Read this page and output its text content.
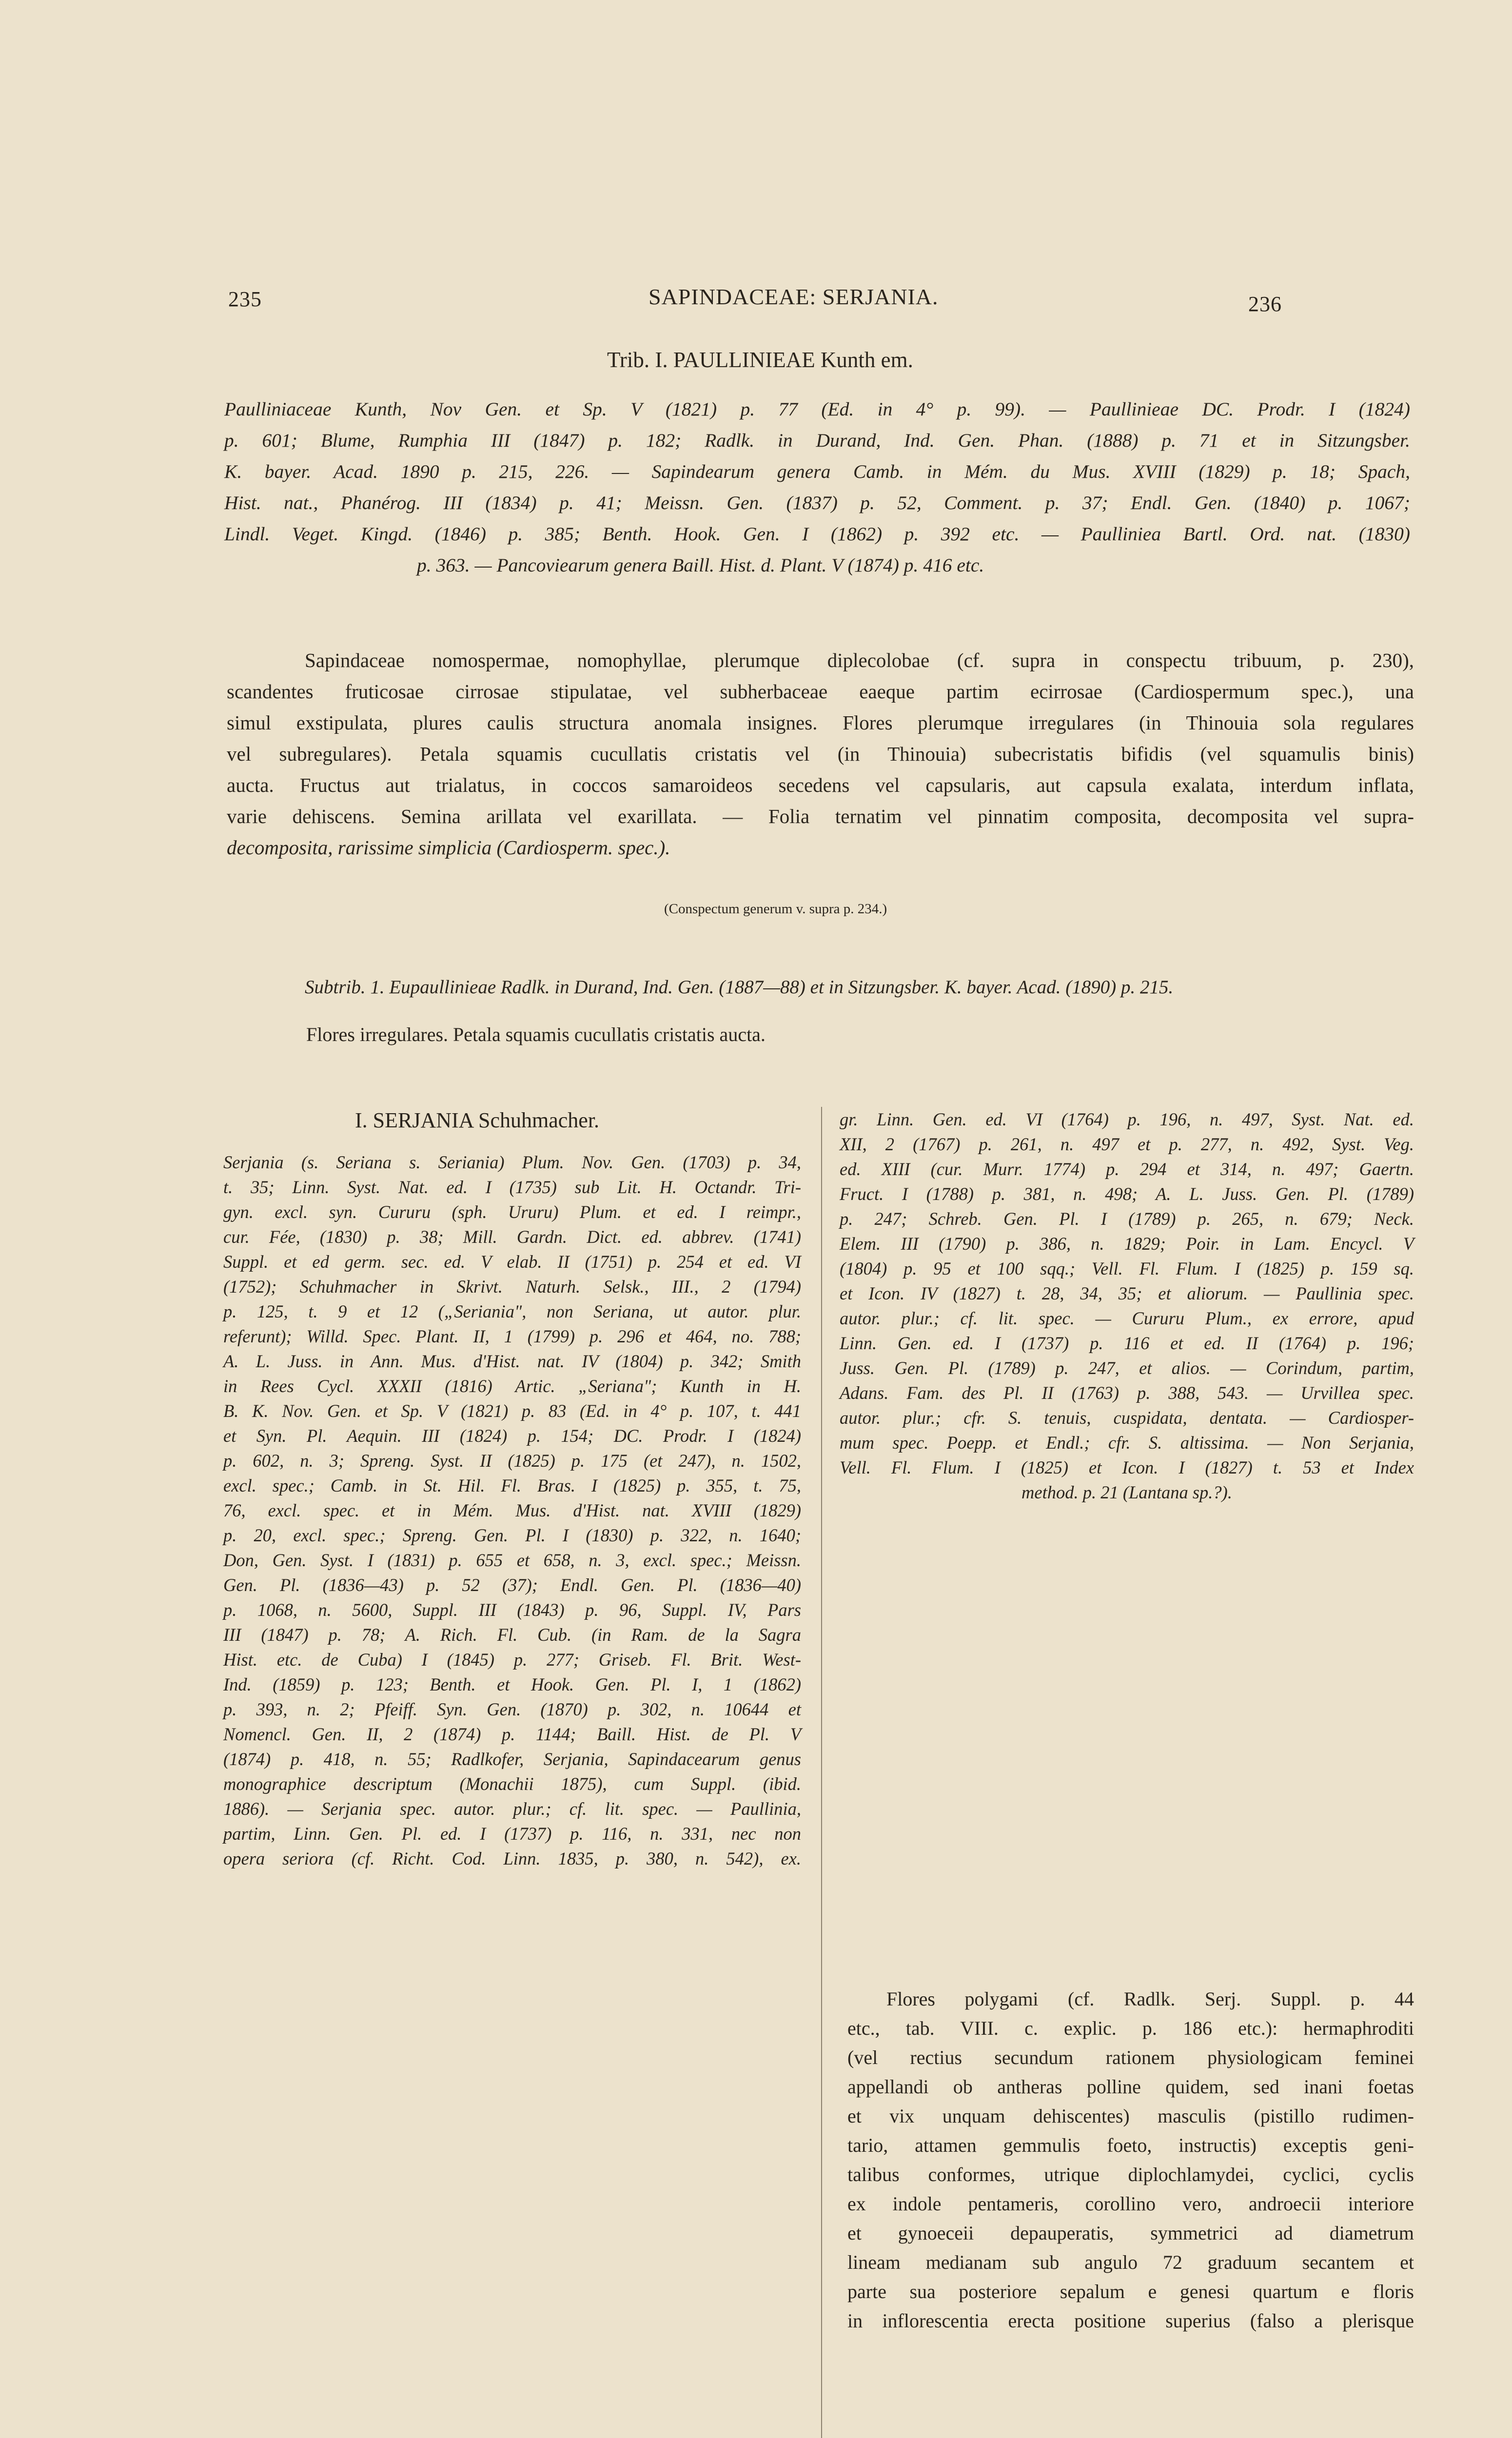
235	SAPINDACEAE: SERJANIA.	236
Trib. I. PAULLINIEAE Kunth em.
Paulliniaceae Kunth, Nov Gen. et Sp. V (1821) p. 77 (Ed. in 4° p. 99). — Paullinieae DC. Prodr. I (1824)
p. 601; Blume, Rumphia III (1847) p. 182; Radlk. in Durand, Ind. Gen. Phan. (1888) p. 71 et in Sitzungsber.
K. bayer. Acad. 1890 p. 215, 226. — Sapindearum genera Camb. in Mém. du Mus. XVIII (1829) p. 18; Spach,
Hist. nat., Phanérog. III (1834) p. 41; Meissn. Gen. (1837) p. 52, Comment. p. 37; Endl. Gen. (1840) p. 1067;
Lindl. Veget. Kingd. (1846) p. 385; Benth. Hook. Gen. I (1862) p. 392 etc. — Paulliniea Bartl. Ord. nat. (1830)
p. 363. — Pancoviearum genera Baill. Hist. d. Plant. V (1874) p. 416 etc.
Sapindaceae nomospermae, nomophyllae, plerumque diplecolobae (cf. supra in conspectu tribuum, p. 230),
scandentes fruticosae cirrosae stipulatae, vel subherbaceae eaeque partim ecirrosae (Cardiospermum spec.), una
simul exstipulata, plures caulis structura anomala insignes. Flores plerumque irregulares (in Thinouia sola regulares
vel subregulares). Petala squamis cucullatis cristatis vel (in Thinouia) subecristatis bifidis (vel squamulis binis)
aucta. Fructus aut trialatus, in coccos samaroideos secedens vel capsularis, aut capsula exalata, interdum inflata,
varie dehiscens. Semina arillata vel exarillata. — Folia ternatim vel pinnatim composita, decomposita vel supra-
decomposita, rarissime simplicia (Cardiosperm. spec.).
(Conspectum generum v. supra p. 234.)
Subtrib. 1. Eupaullinieae Radlk. in Durand, Ind. Gen. (1887—88) et in Sitzungsber. K. bayer. Acad. (1890) p. 215.
Flores irregulares. Petala squamis cucullatis cristatis aucta.
I. SERJANIA Schuhmacher.
Serjania (s. Seriana s. Seriania) Plum. Nov. Gen. (1703) p. 34,
t. 35; Linn. Syst. Nat. ed. I (1735) sub Lit. H. Octandr. Tri-
gyn. excl. syn. Cururu (sph. Ururu) Plum. et ed. I reimpr.,
cur. Fée, (1830) p. 38; Mill. Gardn. Dict. ed. abbrev. (1741)
Suppl. et ed germ. sec. ed. V elab. II (1751) p. 254 et ed. VI
(1752); Schuhmacher in Skrivt. Naturh. Selsk., III., 2 (1794)
p. 125, t. 9 et 12 („Seriania", non Seriana, ut autor. plur.
referunt); Willd. Spec. Plant. II, 1 (1799) p. 296 et 464, no. 788;
A. L. Juss. in Ann. Mus. d'Hist. nat. IV (1804) p. 342; Smith
in Rees Cycl. XXXII (1816) Artic. „Seriana"; Kunth in H.
B. K. Nov. Gen. et Sp. V (1821) p. 83 (Ed. in 4° p. 107, t. 441
et Syn. Pl. Aequin. III (1824) p. 154; DC. Prodr. I (1824)
p. 602, n. 3; Spreng. Syst. II (1825) p. 175 (et 247), n. 1502,
excl. spec.; Camb. in St. Hil. Fl. Bras. I (1825) p. 355, t. 75,
76, excl. spec. et in Mém. Mus. d'Hist. nat. XVIII (1829)
p. 20, excl. spec.; Spreng. Gen. Pl. I (1830) p. 322, n. 1640;
Don, Gen. Syst. I (1831) p. 655 et 658, n. 3, excl. spec.; Meissn.
Gen. Pl. (1836—43) p. 52 (37); Endl. Gen. Pl. (1836—40)
p. 1068, n. 5600, Suppl. III (1843) p. 96, Suppl. IV, Pars
III (1847) p. 78; A. Rich. Fl. Cub. (in Ram. de la Sagra
Hist. etc. de Cuba) I (1845) p. 277; Griseb. Fl. Brit. West-
Ind. (1859) p. 123; Benth. et Hook. Gen. Pl. I, 1 (1862)
p. 393, n. 2; Pfeiff. Syn. Gen. (1870) p. 302, n. 10644 et
Nomencl. Gen. II, 2 (1874) p. 1144; Baill. Hist. de Pl. V
(1874) p. 418, n. 55; Radlkofer, Serjania, Sapindacearum genus
monographice descriptum (Monachii 1875), cum Suppl. (ibid.
1886). — Serjania spec. autor. plur.; cf. lit. spec. — Paullinia,
partim, Linn. Gen. Pl. ed. I (1737) p. 116, n. 331, nec non
opera seriora (cf. Richt. Cod. Linn. 1835, p. 380, n. 542), ex.
gr. Linn. Gen. ed. VI (1764) p. 196, n. 497, Syst. Nat. ed.
XII, 2 (1767) p. 261, n. 497 et p. 277, n. 492, Syst. Veg.
ed. XIII (cur. Murr. 1774) p. 294 et 314, n. 497; Gaertn.
Fruct. I (1788) p. 381, n. 498; A. L. Juss. Gen. Pl. (1789)
p. 247; Schreb. Gen. Pl. I (1789) p. 265, n. 679; Neck.
Elem. III (1790) p. 386, n. 1829; Poir. in Lam. Encycl. V
(1804) p. 95 et 100 sqq.; Vell. Fl. Flum. I (1825) p. 159 sq.
et Icon. IV (1827) t. 28, 34, 35; et aliorum. — Paullinia spec.
autor. plur.; cf. lit. spec. — Cururu Plum., ex errore, apud
Linn. Gen. ed. I (1737) p. 116 et ed. II (1764) p. 196;
Juss. Gen. Pl. (1789) p. 247, et alios. — Corindum, partim,
Adans. Fam. des Pl. II (1763) p. 388, 543. — Urvillea spec.
autor. plur.; cfr. S. tenuis, cuspidata, dentata. — Cardiosper-
mum spec. Poepp. et Endl.; cfr. S. altissima. — Non Serjania,
Vell. Fl. Flum. I (1825) et Icon. I (1827) t. 53 et Index
method. p. 21 (Lantana sp.?).
Flores polygami (cf. Radlk. Serj. Suppl. p. 44
etc., tab. VIII. c. explic. p. 186 etc.): hermaphroditi
(vel rectius secundum rationem physiologicam feminei
appellandi ob antheras polline quidem, sed inani foetas
et vix unquam dehiscentes) masculis (pistillo rudimen-
tario, attamen gemmulis foeto, instructis) exceptis geni-
talibus conformes, utrique diplochlamydei, cyclici, cyclis
ex indole pentameris, corollino vero, androecii interiore
et gynoeceii depauperatis, symmetrici ad diametrum
lineam medianam sub angulo 72 graduum secantem et
parte sua posteriore sepalum e genesi quartum e floris
in inflorescentia erecta positione superius (falso a plerisque
